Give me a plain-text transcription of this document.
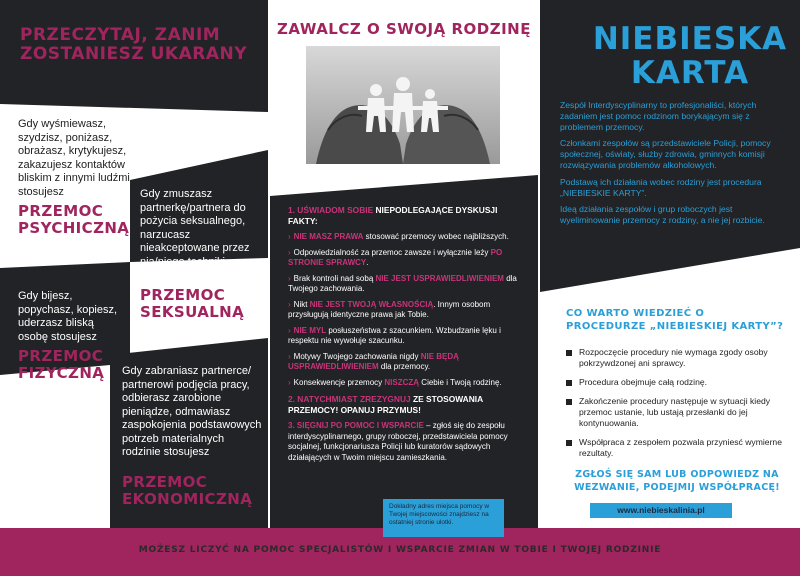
MOŻESZ LICZYĆ NA POMOC SPECJALISTÓW I WSPARCIE ZMIAN W TOBIE I TWOJEJ RODZINIE
PRZECZYTAJ, ZANIM ZOSTANIESZ UKARANY
Gdy wyśmiewasz, szydzisz, poniżasz, obrażasz, krytykujesz, zakazujesz kontaktów bliskim z innymi ludźmi stosujesz
PRZEMOC PSYCHICZNĄ
Gdy zmuszasz partnerkę/partnera do pożycia seksualnego, narzucasz nieakceptowane przez nią/niego techniki seksualne stosujesz
PRZEMOC SEKSUALNĄ
Gdy bijesz, popychasz, kopiesz, uderzasz bliską osobę stosujesz
PRZEMOC FIZYCZNĄ	Gdy zabraniasz partnerce/ partnerowi podjęcia pracy, odbierasz zarobione pieniądze, odmawiasz zaspokojenia podstawowych potrzeb materialnych rodzinie stosujesz
PRZEMOC EKONOMICZNĄ
ZAWALCZ O SWOJĄ RODZINĘ
1. UŚWIADOM SOBIE NIEPODLEGAJĄCE DYSKUSJI FAKTY:
› NIE MASZ PRAWA stosować przemocy wobec najbliższych.
› Odpowiedzialność za przemoc zawsze i wyłącznie leży PO STRONIE SPRAWCY.
› Brak kontroli nad sobą NIE JEST USPRAWIEDLIWIENIEM dla Twojego zachowania.
› Nikt NIE JEST TWOJĄ WŁASNOŚCIĄ. Innym osobom przysługują identyczne prawa jak Tobie.
› NIE MYL posłuszeństwa z szacunkiem. Wzbudzanie lęku i respektu nie wywołuje szacunku.
› Motywy Twojego zachowania nigdy NIE BĘDĄ USPRAWIEDLIWIENIEM dla przemocy.
› Konsekwencje przemocy NISZCZĄ Ciebie i Twoją rodzinę.
2. NATYCHMIAST ZREZYGNUJ ZE STOSOWANIA PRZEMOCY! OPANUJ PRZYMUS!
3. SIĘGNIJ PO POMOC I WSPARCIE – zgłoś się do zespołu interdyscyplinarnego, grupy roboczej, przedstawiciela pomocy socjalnej, funkcjonariusza Policji lub kuratorów sądowych działających w Twoim miejscu zamieszkania.
Dokładny adres miejsca pomocy w Twojej miejscowości znajdziesz na ostatniej stronie ulotki.
NIEBIESKA
KARTA

Zespół Interdyscyplinarny to profesjonaliści, których zadaniem jest pomoc rodzinom borykającym się z problemem przemocy.

Członkami zespołów są przedstawiciele Policji, pomocy społecznej, oświaty, służby zdrowia, gminnych komisji rozwiązywania problemów alkoholowych.

Podstawą ich działania wobec rodziny jest procedura „NIEBIESKIE KARTY”.

Ideą działania zespołów i grup roboczych jest wyeliminowanie przemocy z rodziny, a nie jej rozbicie.

CO WARTO WIEDZIEĆ O PROCEDURZE „NIEBIESKIEJ KARTY”?
Rozpoczęcie procedury nie wymaga zgody osoby pokrzywdzonej ani sprawcy.
Procedura obejmuje całą rodzinę.
Zakończenie procedury następuje w sytuacji kiedy przemoc ustanie, lub ustają przesłanki do jej kontynuowania.
Współpraca z zespołem pozwala przyniesć wymierne rezultaty.
ZGŁOŚ SIĘ SAM LUB ODPOWIEDZ NA WEZWANIE, PODEJMIJ WSPÓŁPRACĘ!
www.niebieskalinia.pl
